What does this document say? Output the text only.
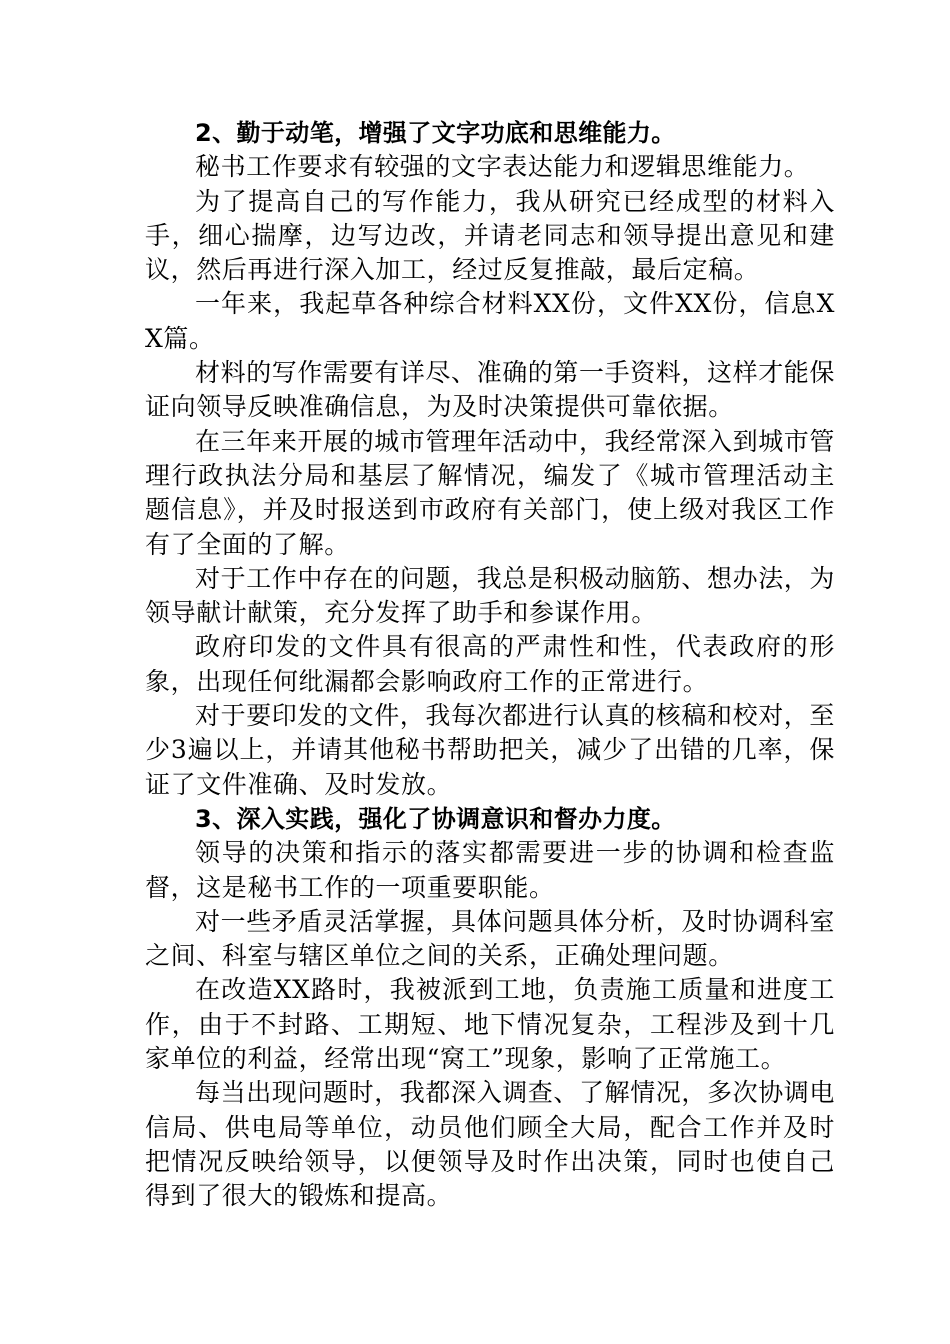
2、勤于动笔，增强了文字功底和思维能力。

秘书工作要求有较强的文字表达能力和逻辑思维能力。

为了提高自己的写作能力，我从研究已经成型的材料入手，细心揣摩，边写边改，并请老同志和领导提出意见和建议，然后再进行深入加工，经过反复推敲，最后定稿。

一年来，我起草各种综合材料XX份，文件XX份，信息XX篇。

材料的写作需要有详尽、准确的第一手资料，这样才能保证向领导反映准确信息，为及时决策提供可靠依据。

在三年来开展的城市管理年活动中，我经常深入到城市管理行政执法分局和基层了解情况，编发了《城市管理活动主题信息》，并及时报送到市政府有关部门，使上级对我区工作有了全面的了解。

对于工作中存在的问题，我总是积极动脑筋、想办法，为领导献计献策，充分发挥了助手和参谋作用。

政府印发的文件具有很高的严肃性和性，代表政府的形象，出现任何纰漏都会影响政府工作的正常进行。

对于要印发的文件，我每次都进行认真的核稿和校对，至少3遍以上，并请其他秘书帮助把关，减少了出错的几率，保证了文件准确、及时发放。

3、深入实践，强化了协调意识和督办力度。

领导的决策和指示的落实都需要进一步的协调和检查监督，这是秘书工作的一项重要职能。

对一些矛盾灵活掌握，具体问题具体分析，及时协调科室之间、科室与辖区单位之间的关系，正确处理问题。

在改造XX路时，我被派到工地，负责施工质量和进度工作，由于不封路、工期短、地下情况复杂，工程涉及到十几家单位的利益，经常出现“窝工”现象，影响了正常施工。

每当出现问题时，我都深入调查、了解情况，多次协调电信局、供电局等单位，动员他们顾全大局，配合工作并及时把情况反映给领导，以便领导及时作出决策，同时也使自己得到了很大的锻炼和提高。
